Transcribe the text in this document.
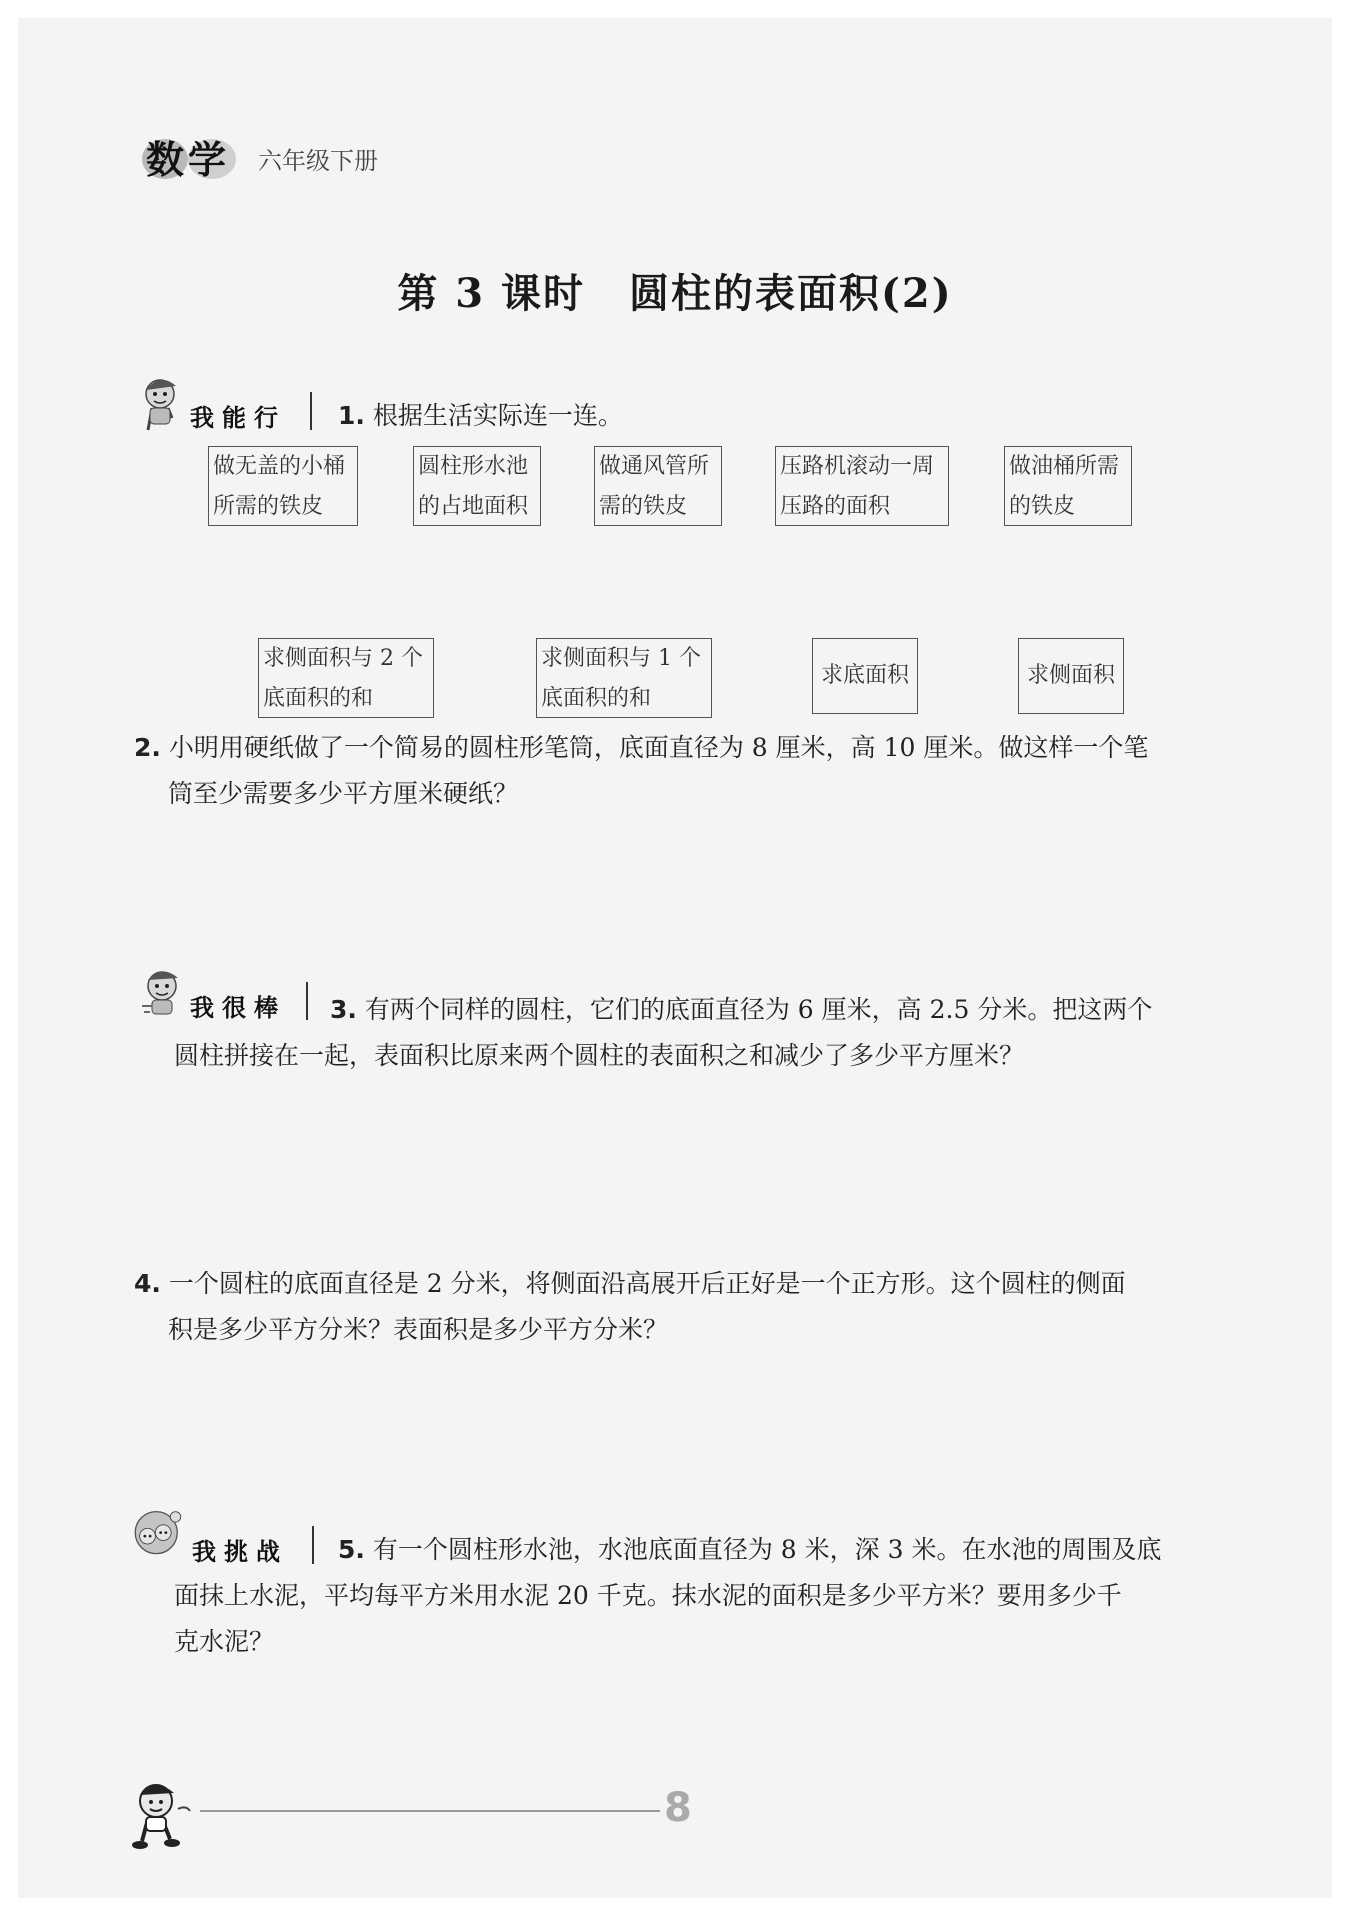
数学 六年级下册
第 3 课时 圆柱的表面积(2)
我能行 1. 根据生活实际连一连。
做无盖的小桶
所需的铁皮
圆柱形水池
的占地面积
做通风管所
需的铁皮
压路机滚动一周
压路的面积
做油桶所需
的铁皮
求侧面积与 2 个
底面积的和
求侧面积与 1 个
底面积的和
求底面积	求侧面积
2. 小明用硬纸做了一个简易的圆柱形笔筒，底面直径为 8 厘米，高 10 厘米。做这样一个笔
筒至少需要多少平方厘米硬纸？
我很棒 3. 有两个同样的圆柱，它们的底面直径为 6 厘米，高 2.5 分米。把这两个
圆柱拼接在一起，表面积比原来两个圆柱的表面积之和减少了多少平方厘米？
4. 一个圆柱的底面直径是 2 分米，将侧面沿高展开后正好是一个正方形。这个圆柱的侧面
积是多少平方分米？表面积是多少平方分米？
我挑战 5. 有一个圆柱形水池，水池底面直径为 8 米，深 3 米。在水池的周围及底
面抹上水泥，平均每平方米用水泥 20 千克。抹水泥的面积是多少平方米？要用多少千
克水泥？
8
